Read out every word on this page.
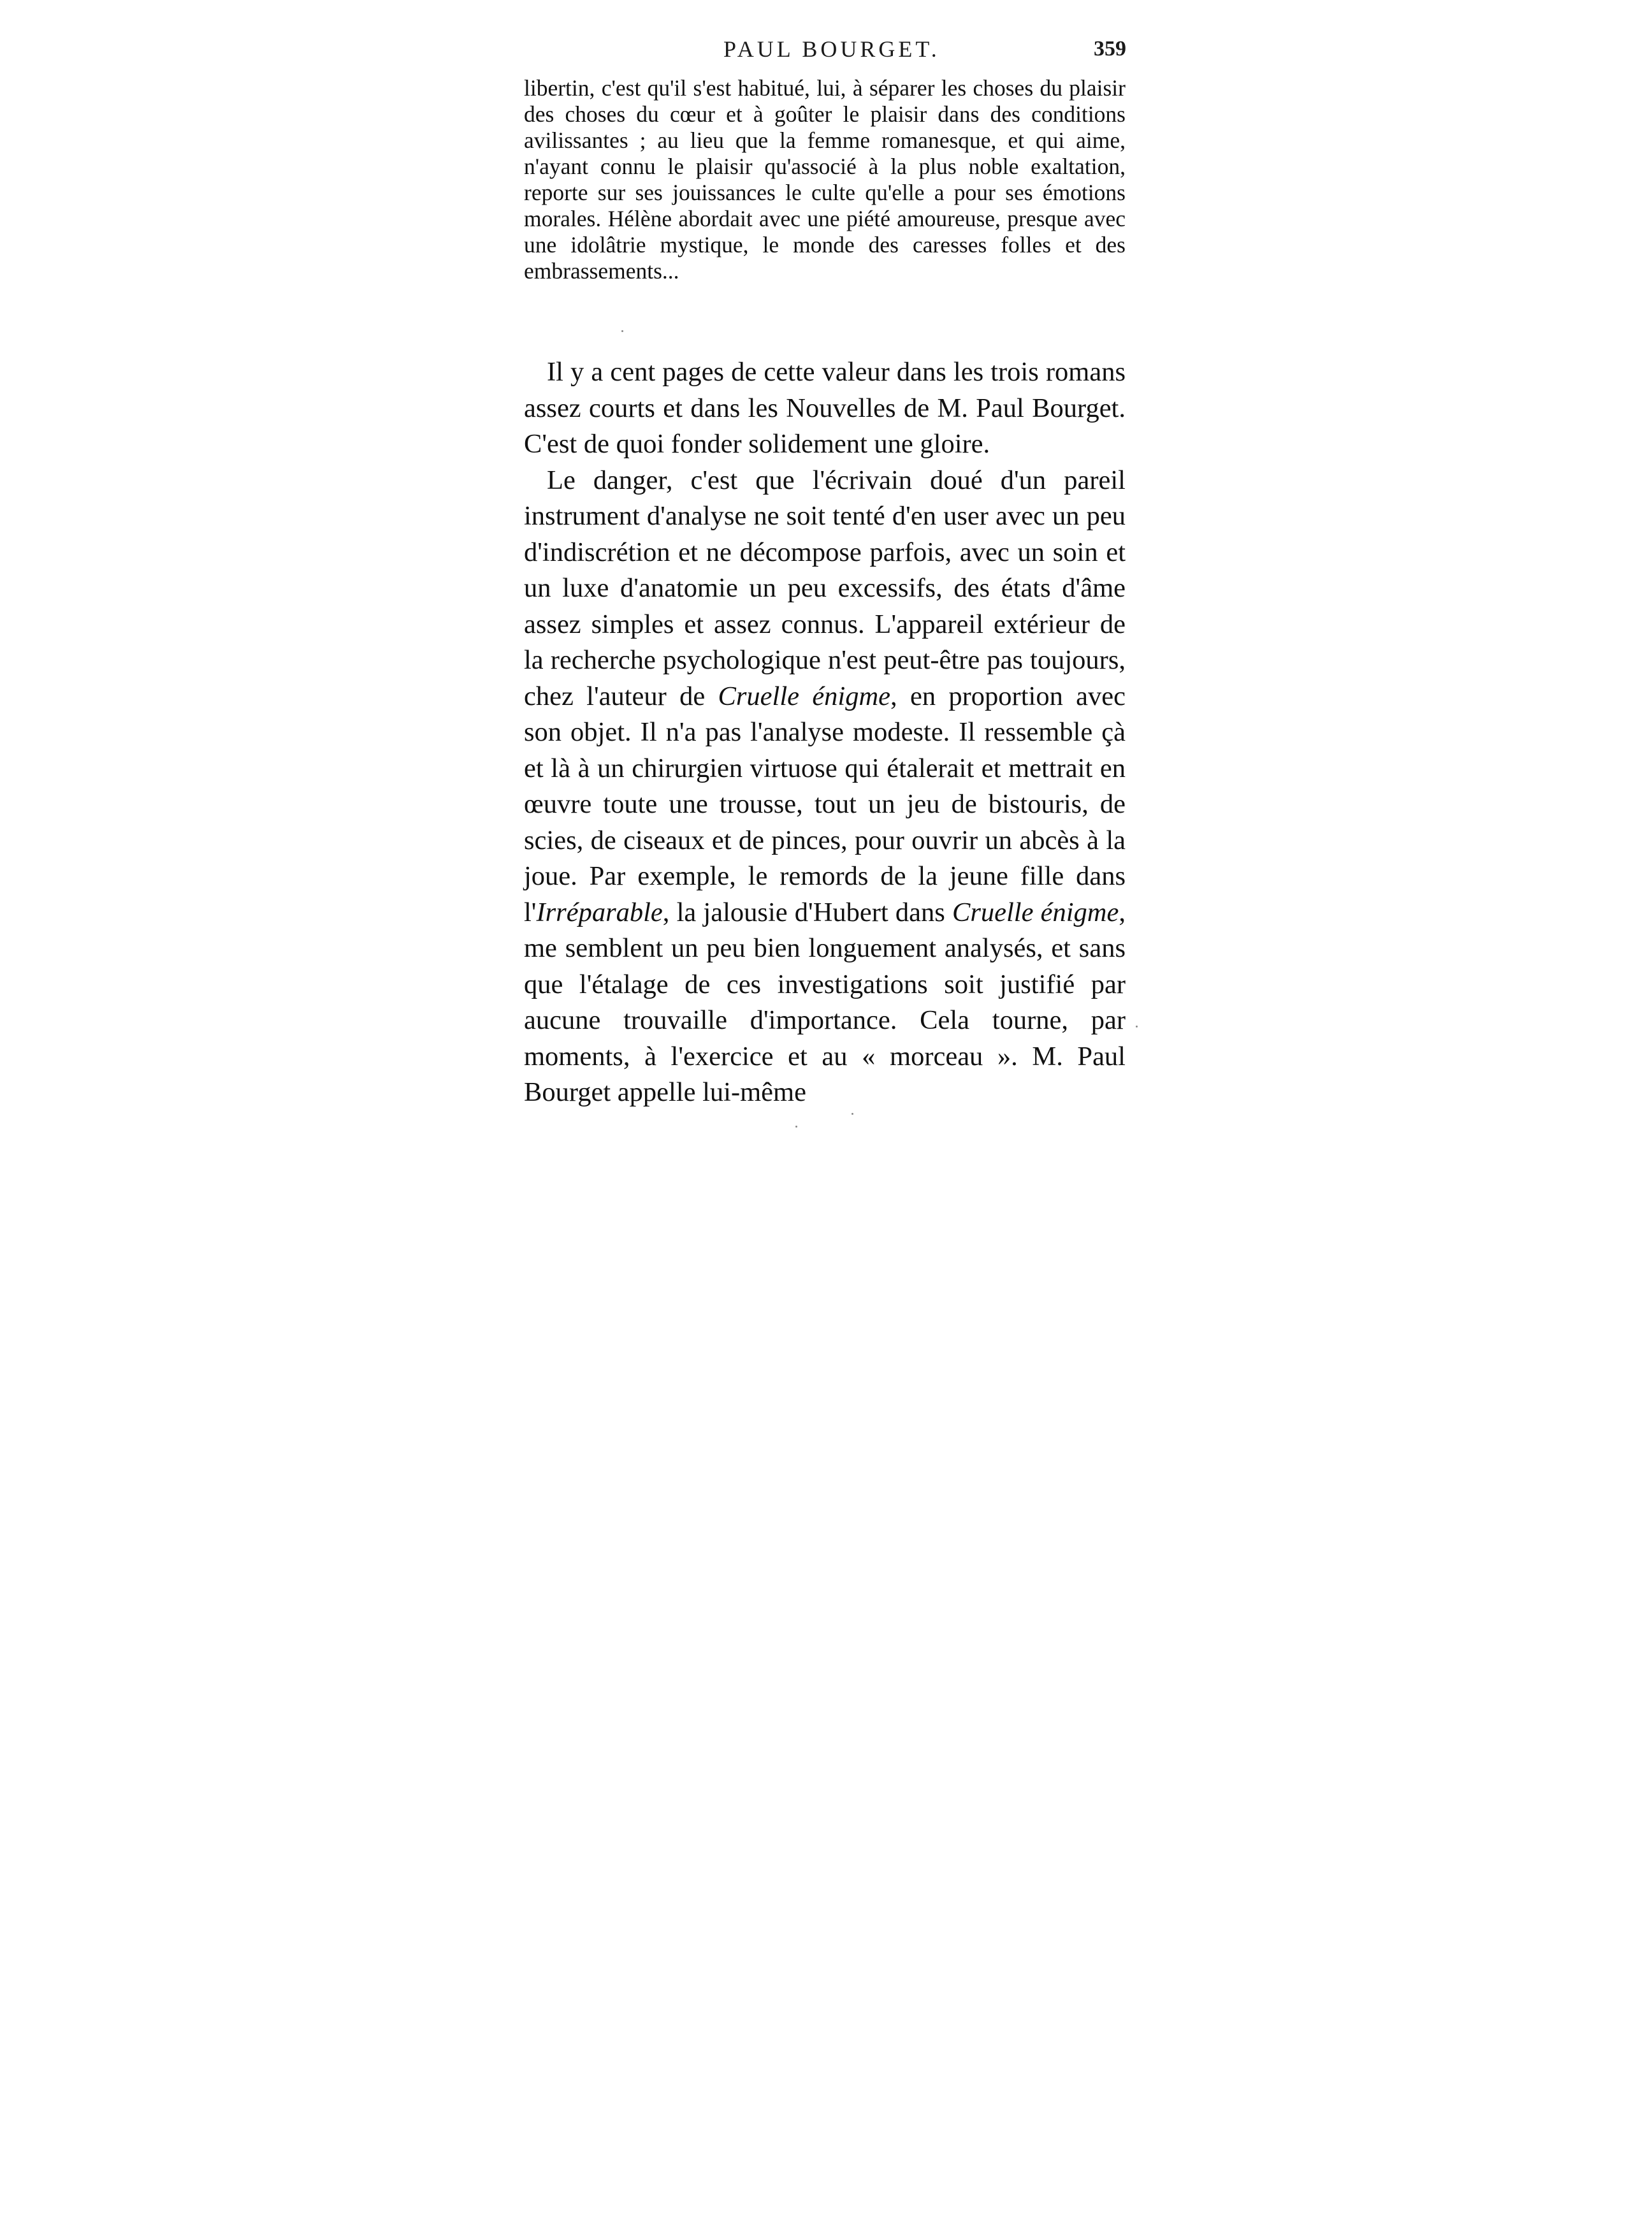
PAUL BOURGET.	359

libertin, c'est qu'il s'est habitué, lui, à séparer les choses du plaisir des choses du cœur et à goûter le plaisir dans des conditions avilissantes ; au lieu que la femme romanesque, et qui aime, n'ayant connu le plaisir qu'associé à la plus noble exaltation, reporte sur ses jouissances le culte qu'elle a pour ses émotions morales. Hélène abordait avec une piété amoureuse, presque avec une idolâtrie mystique, le monde des caresses folles et des embrassements...

Il y a cent pages de cette valeur dans les trois romans assez courts et dans les Nouvelles de M. Paul Bourget. C'est de quoi fonder solidement une gloire.

Le danger, c'est que l'écrivain doué d'un pareil instrument d'analyse ne soit tenté d'en user avec un peu d'indiscrétion et ne décompose parfois, avec un soin et un luxe d'anatomie un peu excessifs, des états d'âme assez simples et assez connus. L'appareil extérieur de la recherche psychologique n'est peut-être pas toujours, chez l'auteur de Cruelle énigme, en proportion avec son objet. Il n'a pas l'analyse modeste. Il ressemble çà et là à un chirurgien virtuose qui étalerait et mettrait en œuvre toute une trousse, tout un jeu de bistouris, de scies, de ciseaux et de pinces, pour ouvrir un abcès à la joue. Par exemple, le remords de la jeune fille dans l'Irréparable, la jalousie d'Hubert dans Cruelle énigme, me semblent un peu bien longuement analysés, et sans que l'étalage de ces investigations soit justifié par aucune trouvaille d'importance. Cela tourne, par moments, à l'exercice et au « morceau ». M. Paul Bourget appelle lui-même
